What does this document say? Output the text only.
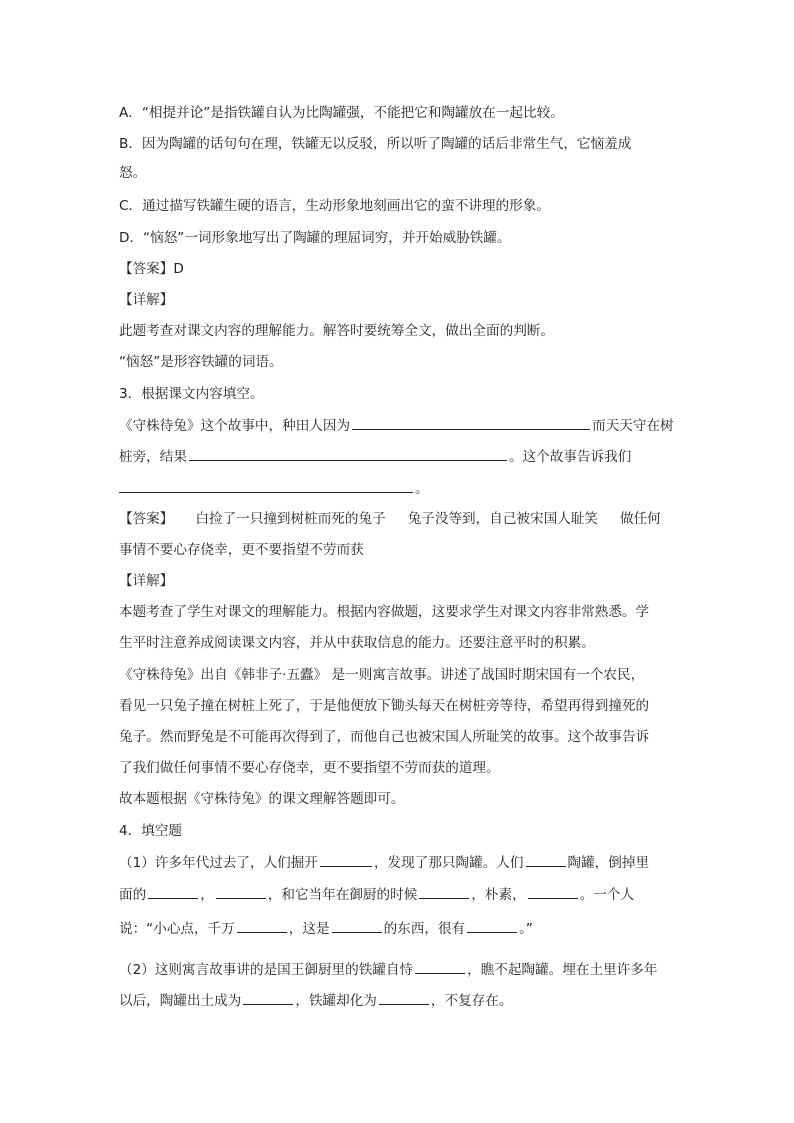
A．“相提并论”是指铁罐自认为比陶罐强，不能把它和陶罐放在一起比较。
B．因为陶罐的话句句在理，铁罐无以反驳，所以听了陶罐的话后非常生气，它恼羞成
怒。
C．通过描写铁罐生硬的语言，生动形象地刻画出它的蛮不讲理的形象。
D．“恼怒”一词形象地写出了陶罐的理屈词穷，并开始威胁铁罐。
【答案】D
【详解】
此题考查对课文内容的理解能力。解答时要统筹全文，做出全面的判断。
“恼怒”是形容铁罐的词语。
3．根据课文内容填空。
《守株待兔》这个故事中，种田人因为	而天天守在树
桩旁，结果	。这个故事告诉我们
。
【答案】 白捡了一只撞到树桩而死的兔子 兔子没等到，自己被宋国人耻笑 做任何
事情不要心存侥幸，更不要指望不劳而获
【详解】
本题考查了学生对课文的理解能力。根据内容做题，这要求学生对课文内容非常熟悉。学
生平时注意养成阅读课文内容，并从中获取信息的能力。还要注意平时的积累。
《守株待兔》出自《韩非子·五蠹》 是一则寓言故事。讲述了战国时期宋国有一个农民，
看见一只兔子撞在树桩上死了，于是他便放下锄头每天在树桩旁等待，希望再得到撞死的
兔子。然而野兔是不可能再次得到了，而他自己也被宋国人所耻笑的故事。这个故事告诉
了我们做任何事情不要心存侥幸，更不要指望不劳而获的道理。
故本题根据《守株待兔》的课文理解答题即可。
4．填空题
（1）许多年代过去了，人们掘开	，发现了那只陶罐。人们	陶罐，倒掉里
面的	，	，和它当年在御厨的时候	，朴素，	。一个人
说：“小心点，千万	，这是	的东西，很有	。”
（2）这则寓言故事讲的是国王御厨里的铁罐自恃	，瞧不起陶罐。埋在土里许多年
以后，陶罐出土成为	，铁罐却化为	，不复存在。
